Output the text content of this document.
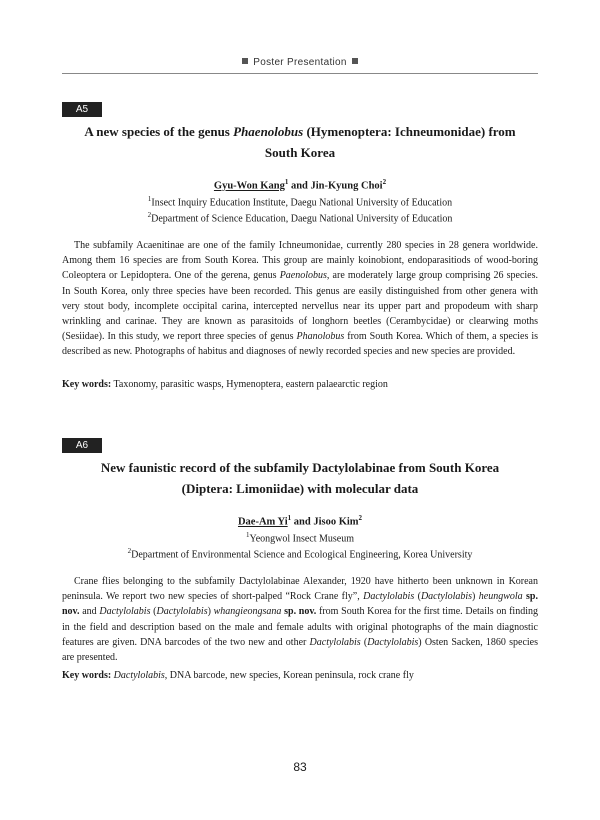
Poster Presentation
A5
A new species of the genus Phaenolobus (Hymenoptera: Ichneumonidae) from
South Korea
Gyu-Won Kang$^1$ and Jin-Kyung Choi$^2$
$^1$Insect Inquiry Education Institute, Daegu National University of Education
$^2$Department of Science Education, Daegu National University of Education
The subfamily Acaenitinae are one of the family Ichneumonidae, currently 280 species in 28 genera worldwide. Among them 16 species are from South Korea. This group are mainly koinobiont, endoparasitiods of wood-boring Coleoptera or Lepidoptera. One of the gerena, genus Paenolobus, are moderately large group comprising 26 species. In South Korea, only three species have been recorded. This genus are easily distinguished from other genera with very stout body, incomplete occipital carina, intercepted nervellus near its upper part and propodeum with sharp wrinkling and carinae. They are known as parasitoids of longhorn beetles (Cerambycidae) or clearwing moths (Sesiidae). In this study, we report three species of genus Phanolobus from South Korea. Which of them, a species is described as new. Photographs of habitus and diagnoses of newly recorded species and new species are provided.
Key words: Taxonomy, parasitic wasps, Hymenoptera, eastern palaearctic region
A6
New faunistic record of the subfamily Dactylolabinae from South Korea
(Diptera: Limoniidae) with molecular data
Dae-Am Yi$^1$ and Jisoo Kim$^2$
$^1$Yeongwol Insect Museum
$^2$Department of Environmental Science and Ecological Engineering, Korea University
Crane flies belonging to the subfamily Dactylolabinae Alexander, 1920 have hitherto been unknown in Korean peninsula. We report two new species of short-palped “Rock Crane fly”, Dactylolabis (Dactylolabis) heungwola sp. nov. and Dactylolabis (Dactylolabis) whangieongsana sp. nov. from South Korea for the first time. Details on finding in the field and description based on the male and female adults with original photographs of the main diagnostic features are given. DNA barcodes of the two new and other Dactylolabis (Dactylolabis) Osten Sacken, 1860 species are presented.
Key words: Dactylolabis, DNA barcode, new species, Korean peninsula, rock crane fly
83
